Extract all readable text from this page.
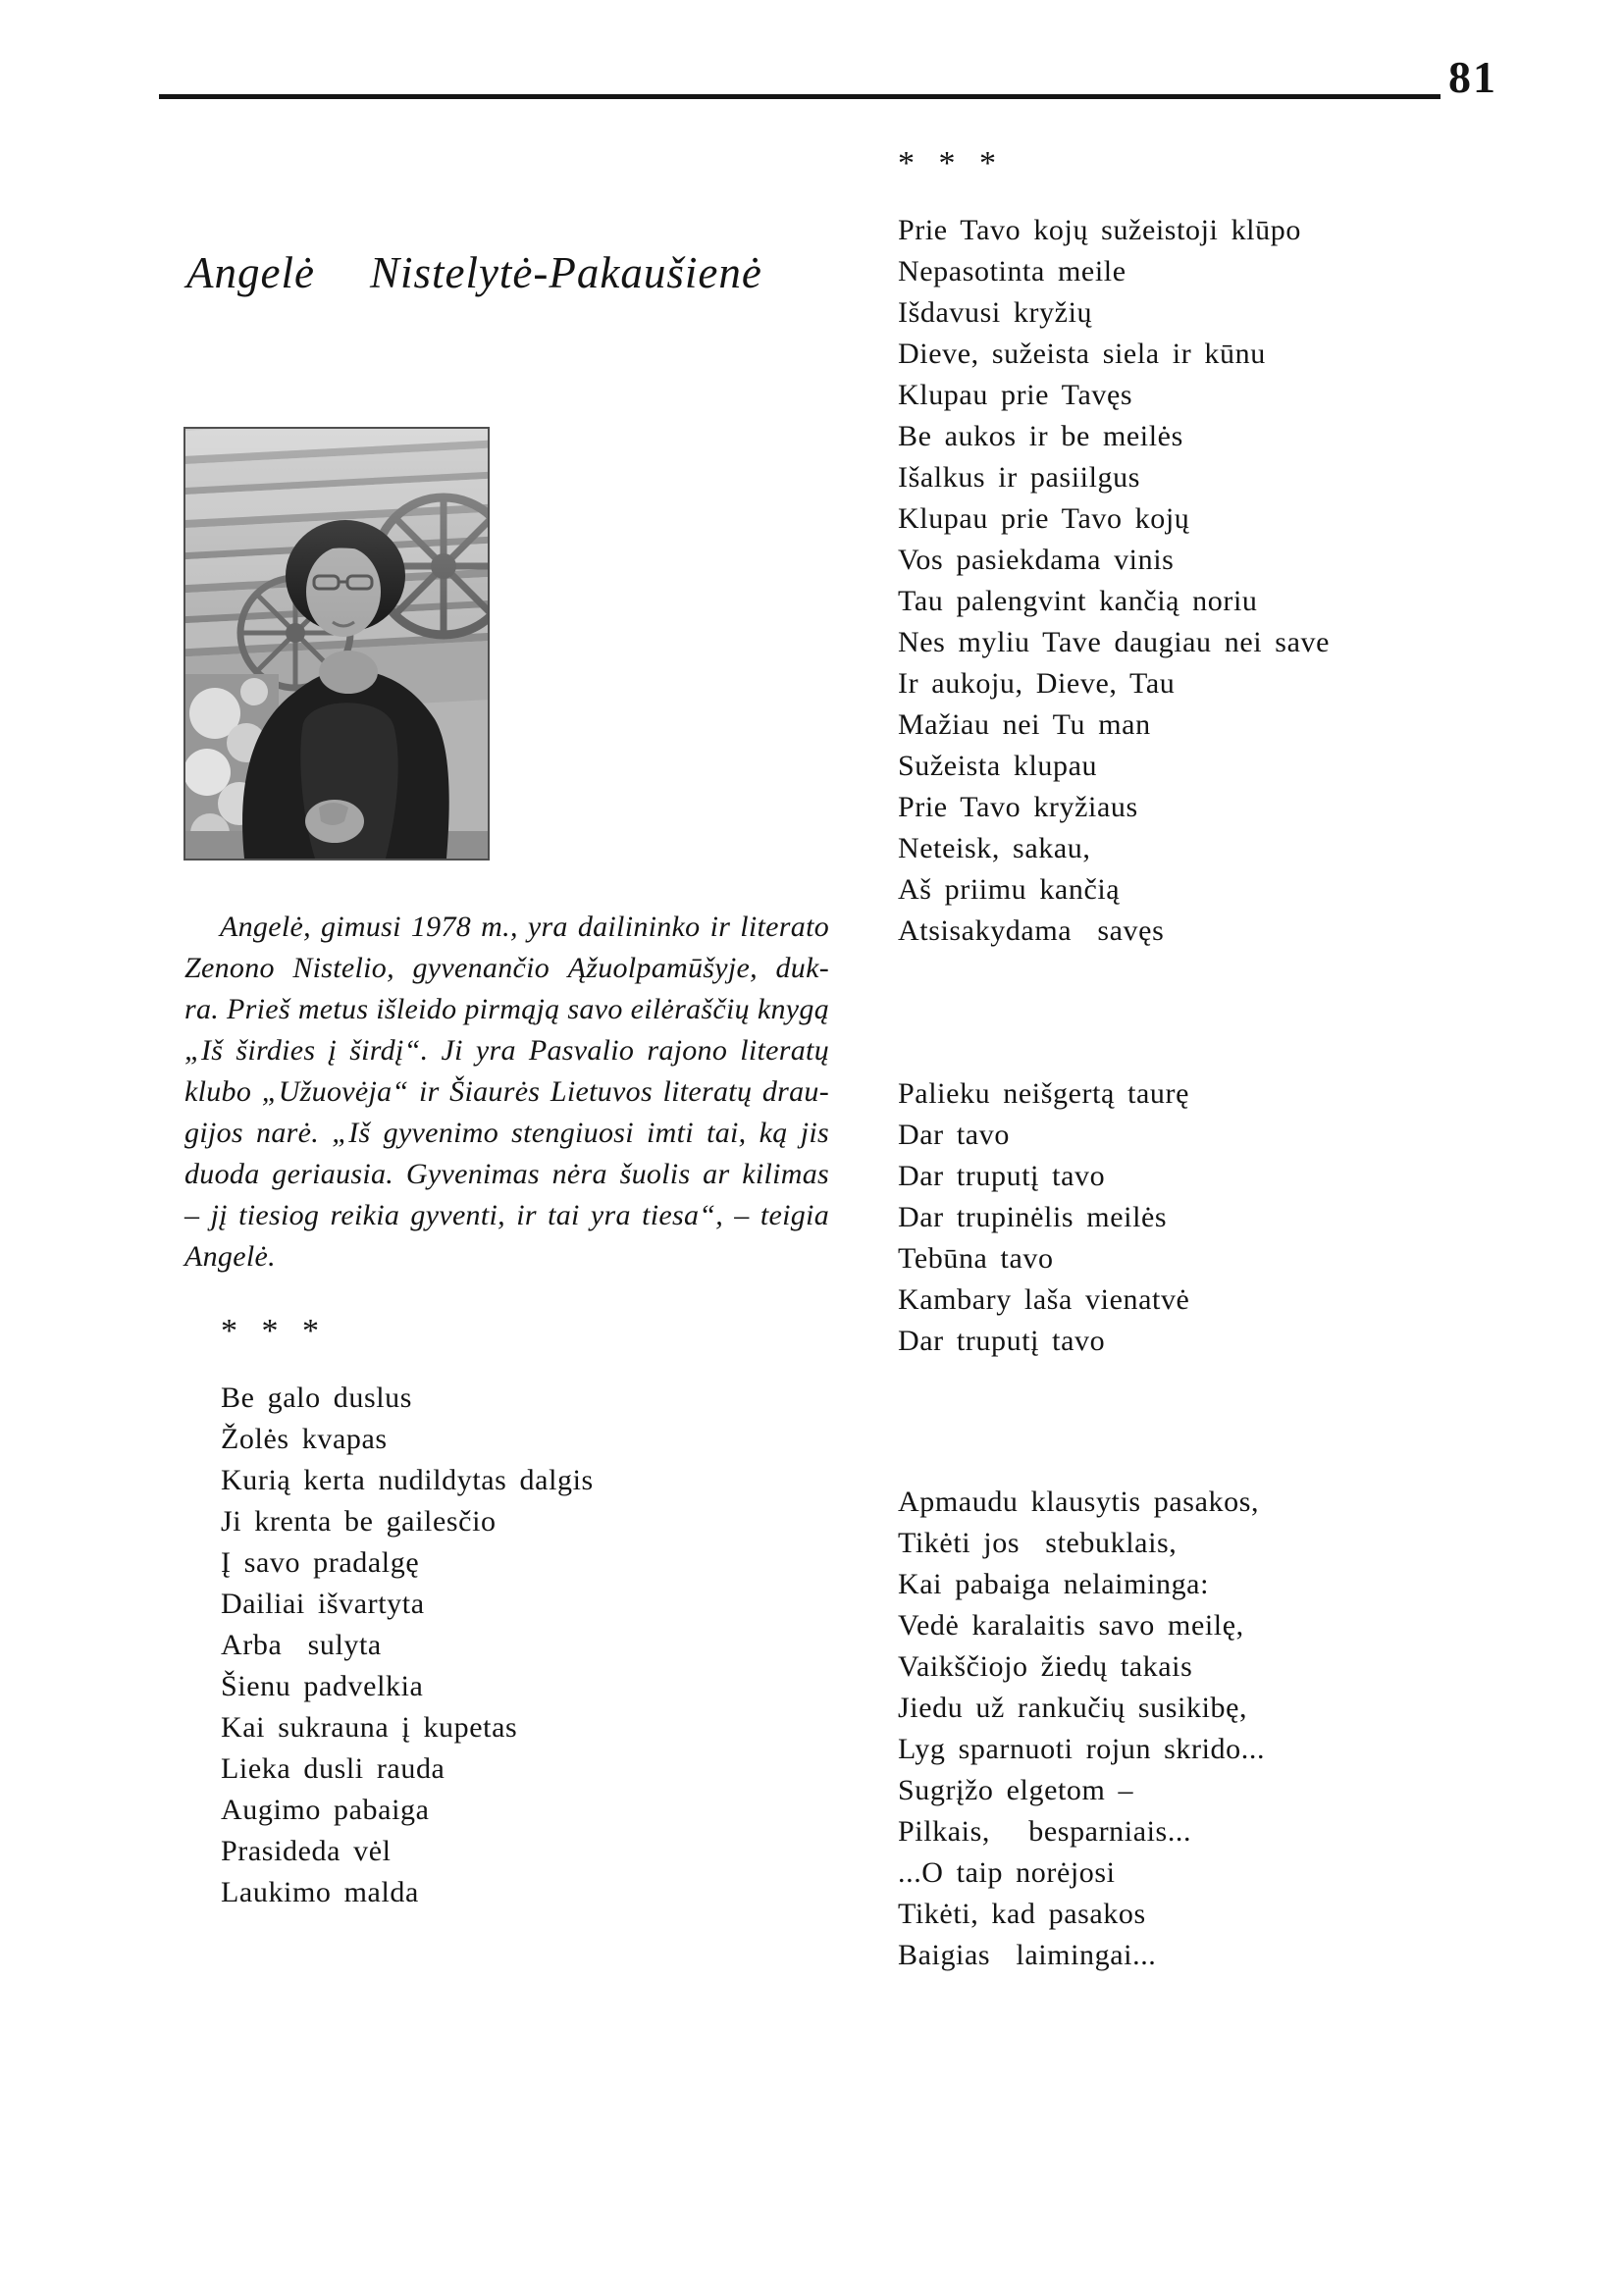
81
Angelė Nistelytė-Pakaušienė
Angelė, gimusi 1978 m., yra dailininko ir literato
Zenono Nistelio, gyvenančio Ąžuolpamūšyje, duk-
ra. Prieš metus išleido pirmąją savo eilėraščių knygą
„Iš širdies į širdį“. Ji yra Pasvalio rajono literatų
klubo „Užuovėja“ ir Šiaurės Lietuvos literatų drau-
gijos narė. „Iš gyvenimo stengiuosi imti tai, ką jis
duoda geriausia. Gyvenimas nėra šuolis ar kilimas
– jį tiesiog reikia gyventi, ir tai yra tiesa“, – teigia
Angelė.
* * *
Be galo duslus
Žolės kvapas
Kurią kerta nudildytas dalgis
Ji krenta be gailesčio
Į savo pradalgę
Dailiai išvartyta
Arba  sulyta
Šienu padvelkia
Kai sukrauna į kupetas
Lieka dusli rauda
Augimo pabaiga
Prasideda vėl
Laukimo malda
* * *
Prie Tavo kojų sužeistoji klūpo
Nepasotinta meile
Išdavusi kryžių
Dieve, sužeista siela ir kūnu
Klupau prie Tavęs
Be aukos ir be meilės
Išalkus ir pasiilgus
Klupau prie Tavo kojų
Vos pasiekdama vinis
Tau palengvint kančią noriu
Nes myliu Tave daugiau nei save
Ir aukoju, Dieve, Tau
Mažiau nei Tu man
Sužeista klupau
Prie Tavo kryžiaus
Neteisk, sakau,
Aš priimu kančią
Atsisakydama  savęs
Palieku neišgertą taurę
Dar tavo
Dar truputį tavo
Dar trupinėlis meilės
Tebūna tavo
Kambary laša vienatvė
Dar truputį tavo
Apmaudu klausytis pasakos,
Tikėti jos  stebuklais,
Kai pabaiga nelaiminga:
Vedė karalaitis savo meilę,
Vaikščiojo žiedų takais
Jiedu už rankučių susikibę,
Lyg sparnuoti rojun skrido...
Sugrįžo elgetom –
Pilkais,   besparniais...
...O taip norėjosi
Tikėti, kad pasakos
Baigias  laimingai...
